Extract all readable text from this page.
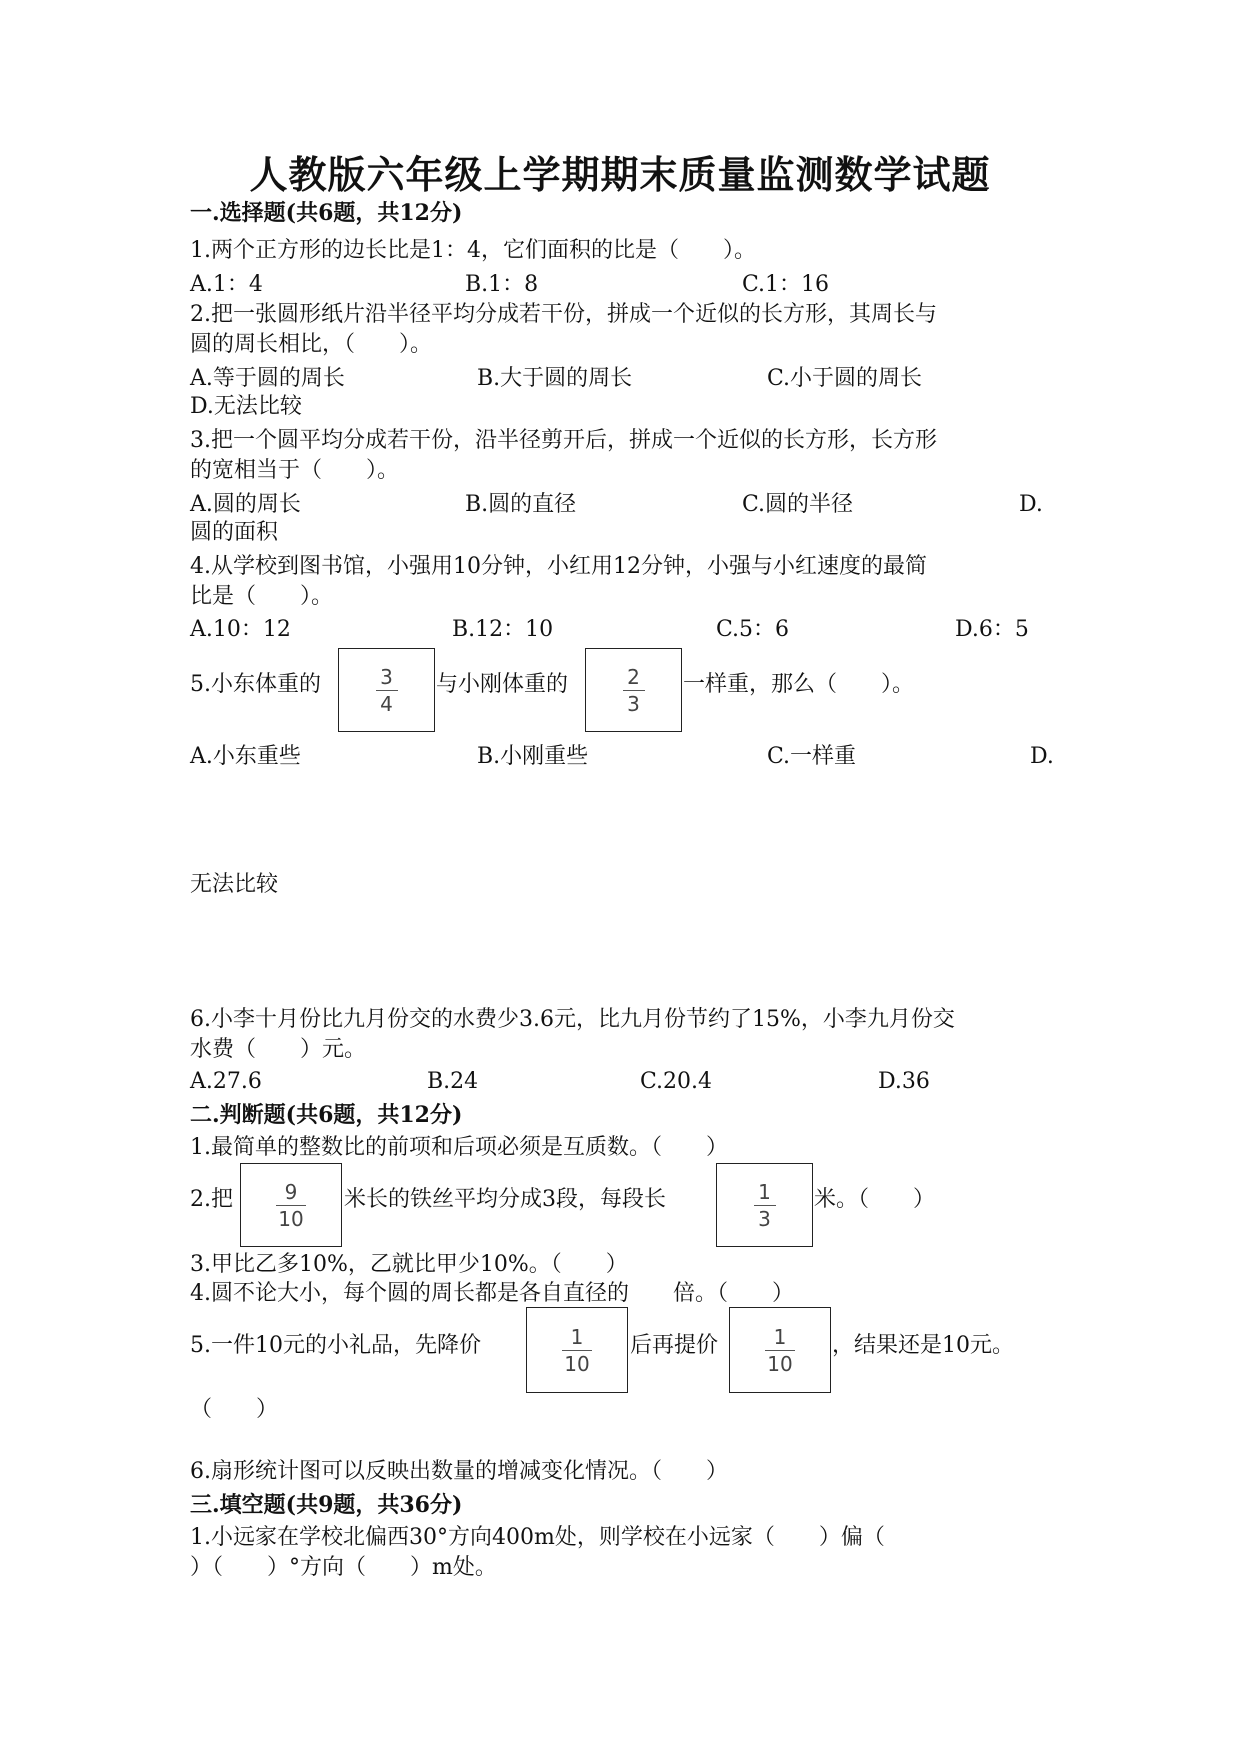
人教版六年级上学期期末质量监测数学试题
一.选择题(共6题，共12分)
1.两个正方形的边长比是1：4，它们面积的比是（　　）。
A.1：4	B.1：8	C.1：16
2.把一张圆形纸片沿半径平均分成若干份，拼成一个近似的长方形，其周长与
圆的周长相比，（　　）。
A.等于圆的周长	B.大于圆的周长	C.小于圆的周长
D.无法比较
3.把一个圆平均分成若干份，沿半径剪开后，拼成一个近似的长方形，长方形
的宽相当于（　　）。
A.圆的周长	B.圆的直径	C.圆的半径	D.
圆的面积
4.从学校到图书馆，小强用10分钟，小红用12分钟，小强与小红速度的最简
比是（　　）。
A.10：12	B.12：10	C.5：6	D.6：5
5.小东体重的	$\frac{3}{4}$ 与小刚体重的	$\frac{2}{3}$ 一样重，那么（　　）。
A.小东重些	B.小刚重些	C.一样重	D.
无法比较
6.小李十月份比九月份交的水费少3.6元，比九月份节约了15%，小李九月份交
水费（　　）元。
A.27.6	B.24	C.20.4	D.36
二.判断题(共6题，共12分)
1.最简单的整数比的前项和后项必须是互质数。（　　）
2.把 $\frac{9}{10}$ 米长的铁丝平均分成3段，每段长	$\frac{1}{3}$ 米。（　　）
3.甲比乙多10%，乙就比甲少10%。（　　）
4.圆不论大小，每个圆的周长都是各自直径的　　倍。（　　）
5.一件10元的小礼品，先降价	$\frac{1}{10}$ 后再提价 $\frac{1}{10}$ ，结果还是10元。
（　　）
6.扇形统计图可以反映出数量的增减变化情况。（　　）
三.填空题(共9题，共36分)
1.小远家在学校北偏西30°方向400m处，则学校在小远家（　　）偏（
）（　　）°方向（　　）m处。
